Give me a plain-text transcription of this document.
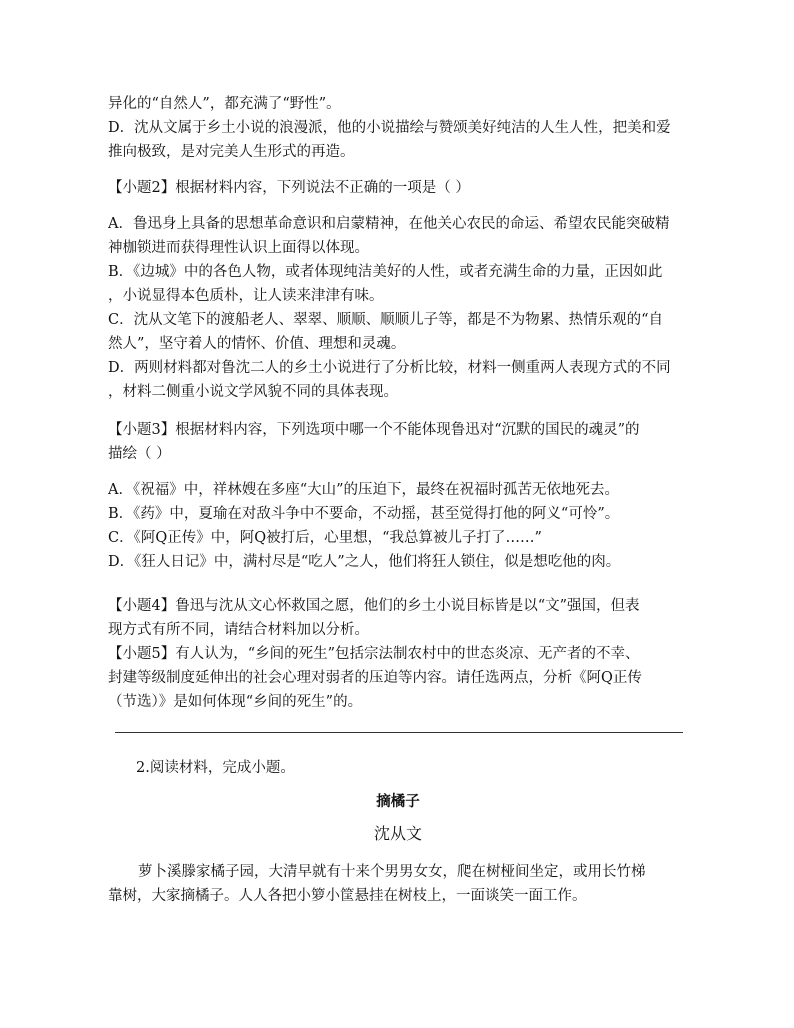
异化的“自然人”，都充满了“野性”。
D．沈从文属于乡土小说的浪漫派，他的小说描绘与赞颂美好纯洁的人生人性，把美和爱
推向极致，是对完美人生形式的再造。
【小题2】根据材料内容，下列说法不正确的一项是（ ）
A．鲁迅身上具备的思想革命意识和启蒙精神，在他关心农民的命运、希望农民能突破精
神枷锁进而获得理性认识上面得以体现。
B．《边城》中的各色人物，或者体现纯洁美好的人性，或者充满生命的力量，正因如此
，小说显得本色质朴，让人读来津津有味。
C．沈从文笔下的渡船老人、翠翠、顺顺、顺顺儿子等，都是不为物累、热情乐观的“自
然人”，坚守着人的情怀、价值、理想和灵魂。
D．两则材料都对鲁沈二人的乡土小说进行了分析比较，材料一侧重两人表现方式的不同
，材料二侧重小说文学风貌不同的具体表现。
【小题3】根据材料内容，下列选项中哪一个不能体现鲁迅对“沉默的国民的魂灵”的
描绘（ ）
A．《祝福》中，祥林嫂在多座“大山”的压迫下，最终在祝福时孤苦无依地死去。
B．《药》中，夏瑜在对敌斗争中不要命，不动摇，甚至觉得打他的阿义“可怜”。
C．《阿Q正传》中，阿Q被打后，心里想，“我总算被儿子打了……”
D．《狂人日记》中，满村尽是“吃人”之人，他们将狂人锁住，似是想吃他的肉。
【小题4】鲁迅与沈从文心怀救国之愿，他们的乡土小说目标皆是以“文”强国，但表
现方式有所不同，请结合材料加以分析。
【小题5】有人认为，“乡间的死生”包括宗法制农村中的世态炎凉、无产者的不幸、
封建等级制度延伸出的社会心理对弱者的压迫等内容。请任选两点，分析《阿Q正传
（节选）》是如何体现“乡间的死生”的。
2.阅读材料，完成小题。
摘橘子
沈从文
萝卜溪滕家橘子园，大清早就有十来个男男女女，爬在树桠间坐定，或用长竹梯
靠树，大家摘橘子。人人各把小箩小筐悬挂在树枝上，一面谈笑一面工作。
